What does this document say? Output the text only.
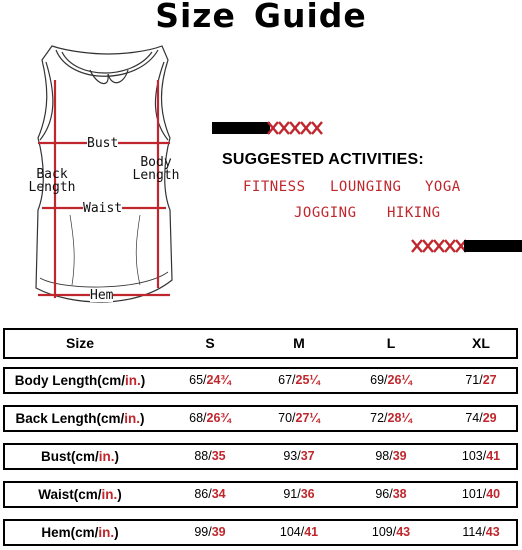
Size Guide
Bust
Back Length
Body Length
Waist
Hem
SUGGESTED ACTIVITIES:
FITNESS LOUNGING YOGA
JOGGING HIKING
Size	S	M	L	XL
Body Length(cm/in.)	65/24¾	67/25¼	69/26¼	71/27
Back Length(cm/in.)	68/26¾	70/27¼	72/28¼	74/29
Bust(cm/in.)	88/35	93/37	98/39	103/41
Waist(cm/in.)	86/34	91/36	96/38	101/40
Hem(cm/in.)	99/39	104/41	109/43	114/43
